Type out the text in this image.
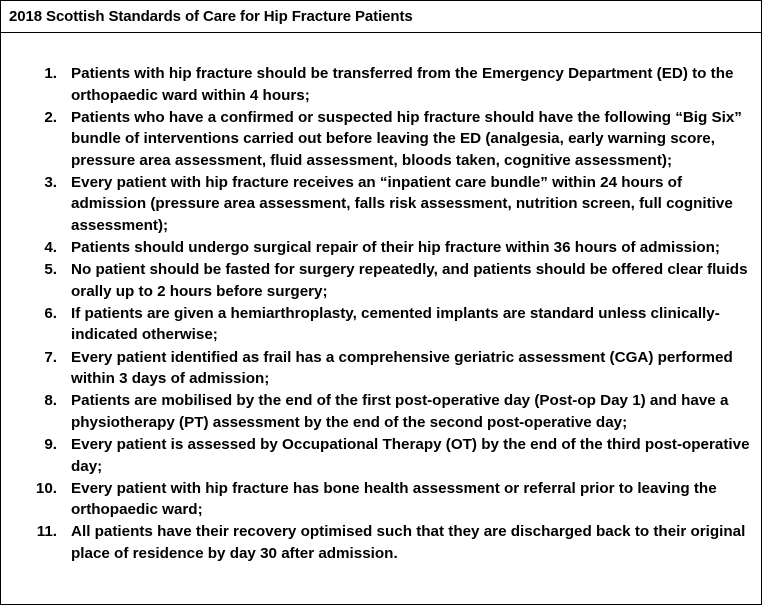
2018 Scottish Standards of Care for Hip Fracture Patients
1. Patients with hip fracture should be transferred from the Emergency Department (ED) to the orthopaedic ward within 4 hours;
2. Patients who have a confirmed or suspected hip fracture should have the following “Big Six” bundle of interventions carried out before leaving the ED (analgesia, early warning score, pressure area assessment, fluid assessment, bloods taken, cognitive assessment);
3. Every patient with hip fracture receives an “inpatient care bundle” within 24 hours of admission (pressure area assessment, falls risk assessment, nutrition screen, full cognitive assessment);
4. Patients should undergo surgical repair of their hip fracture within 36 hours of admission;
5. No patient should be fasted for surgery repeatedly, and patients should be offered clear fluids orally up to 2 hours before surgery;
6. If patients are given a hemiarthroplasty, cemented implants are standard unless clinically-indicated otherwise;
7. Every patient identified as frail has a comprehensive geriatric assessment (CGA) performed within 3 days of admission;
8. Patients are mobilised by the end of the first post-operative day (Post-op Day 1) and have a physiotherapy (PT) assessment by the end of the second post-operative day;
9. Every patient is assessed by Occupational Therapy (OT) by the end of the third post-operative day;
10. Every patient with hip fracture has bone health assessment or referral prior to leaving the orthopaedic ward;
11. All patients have their recovery optimised such that they are discharged back to their original place of residence by day 30 after admission.
